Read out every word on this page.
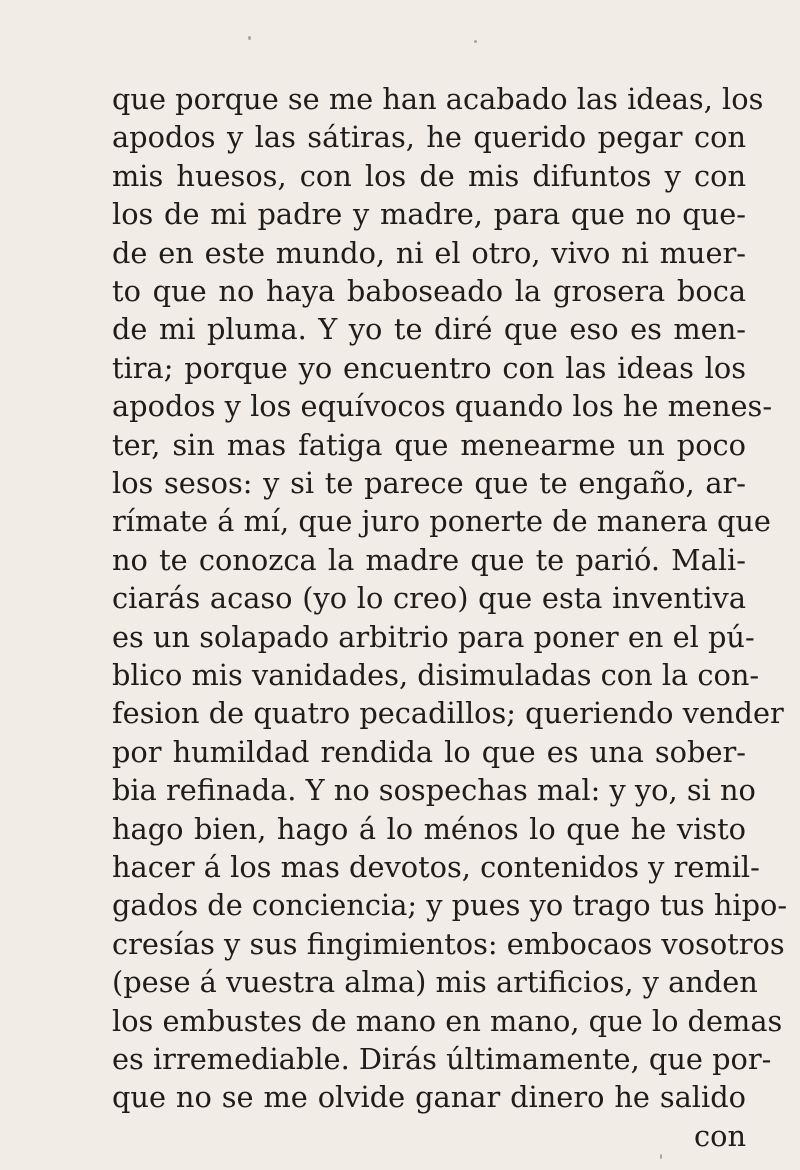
que porque se me han acabado las ideas, los
apodos y las sátiras, he querido pegar con
mis huesos, con los de mis difuntos y con
los de mi padre y madre, para que no que-
de en este mundo, ni el otro, vivo ni muer-
to que no haya baboseado la grosera boca
de mi pluma. Y yo te diré que eso es men-
tira; porque yo encuentro con las ideas los
apodos y los equívocos quando los he menes-
ter, sin mas fatiga que menearme un poco
los sesos: y si te parece que te engaño, ar-
rímate á mí, que juro ponerte de manera que
no te conozca la madre que te parió. Mali-
ciarás acaso (yo lo creo) que esta inventiva
es un solapado arbitrio para poner en el pú-
blico mis vanidades, disimuladas con la con-
fesion de quatro pecadillos; queriendo vender
por humildad rendida lo que es una sober-
bia refinada. Y no sospechas mal: y yo, si no
hago bien, hago á lo ménos lo que he visto
hacer á los mas devotos, contenidos y remil-
gados de conciencia; y pues yo trago tus hipo-
cresías y sus fingimientos: embocaos vosotros
(pese á vuestra alma) mis artificios, y anden
los embustes de mano en mano, que lo demas
es irremediable. Dirás últimamente, que por-
que no se me olvide ganar dinero he salido
con
